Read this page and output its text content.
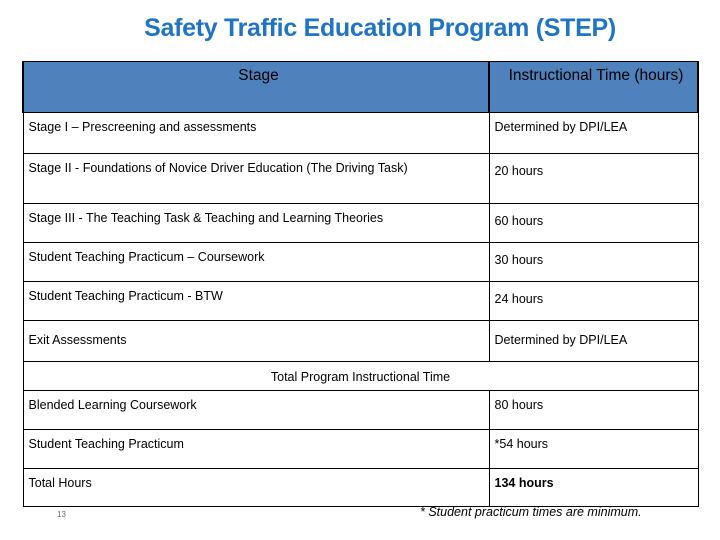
Safety Traffic Education Program (STEP)
Stage	Instructional Time (hours)
Stage I – Prescreening and assessments	Determined by DPI/LEA
Stage II - Foundations of Novice Driver Education (The Driving Task)	20 hours
Stage III - The Teaching Task & Teaching and Learning Theories	60 hours
Student Teaching Practicum – Coursework	30 hours
Student Teaching Practicum - BTW	24 hours
Exit Assessments	Determined by DPI/LEA
Total Program Instructional Time	
Blended Learning Coursework	80 hours
Student Teaching Practicum	*54 hours
Total Hours	134 hours
13	* Student practicum times are minimum.
